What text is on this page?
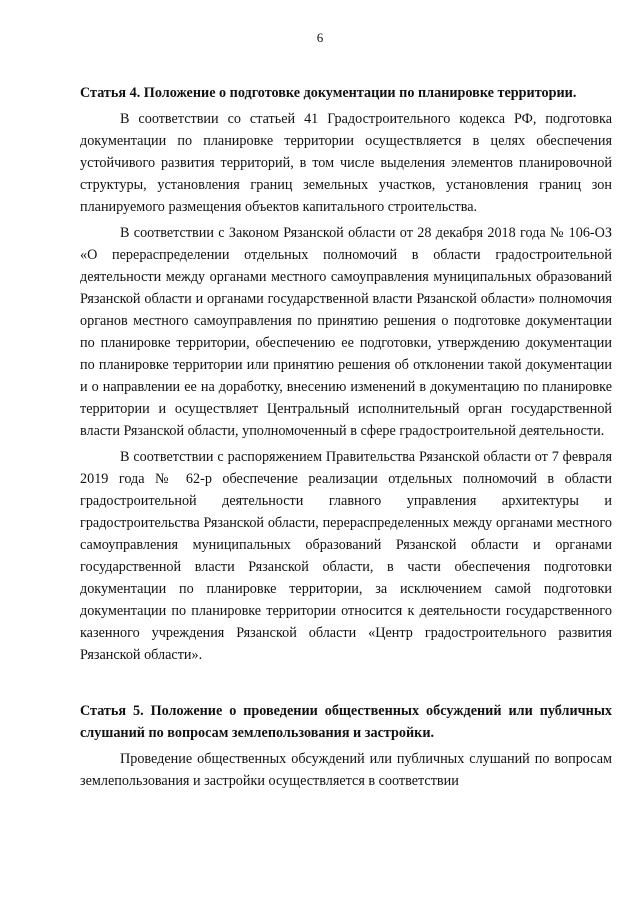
6

Статья 4. Положение о подготовке документации по планировке территории.

В соответствии со статьей 41 Градостроительного кодекса РФ, подготовка документации по планировке территории осуществляется в целях обеспечения устойчивого развития территорий, в том числе выделения элементов планировочной структуры, установления границ земельных участков, установления границ зон планируемого размещения объектов капитального строительства.

В соответствии с Законом Рязанской области от 28 декабря 2018 года № 106-ОЗ «О перераспределении отдельных полномочий в области градостроительной деятельности между органами местного самоуправления муниципальных образований Рязанской области и органами государственной власти Рязанской области» полномочия органов местного самоуправления по принятию решения о подготовке документации по планировке территории, обеспечению ее подготовки, утверждению документации по планировке территории или принятию решения об отклонении такой документации и о направлении ее на доработку, внесению изменений в документацию по планировке территории и осуществляет Центральный исполнительный орган государственной власти Рязанской области, уполномоченный в сфере градостроительной деятельности.

В соответствии с распоряжением Правительства Рязанской области от 7 февраля 2019 года № 62-р обеспечение реализации отдельных полномочий в области градостроительной деятельности главного управления архитектуры и градостроительства Рязанской области, перераспределенных между органами местного самоуправления муниципальных образований Рязанской области и органами государственной власти Рязанской области, в части обеспечения подготовки документации по планировке территории, за исключением самой подготовки документации по планировке территории относится к деятельности государственного казенного учреждения Рязанской области «Центр градостроительного развития Рязанской области».

Статья 5. Положение о проведении общественных обсуждений или публичных слушаний по вопросам землепользования и застройки.

Проведение общественных обсуждений или публичных слушаний по вопросам землепользования и застройки осуществляется в соответствии
